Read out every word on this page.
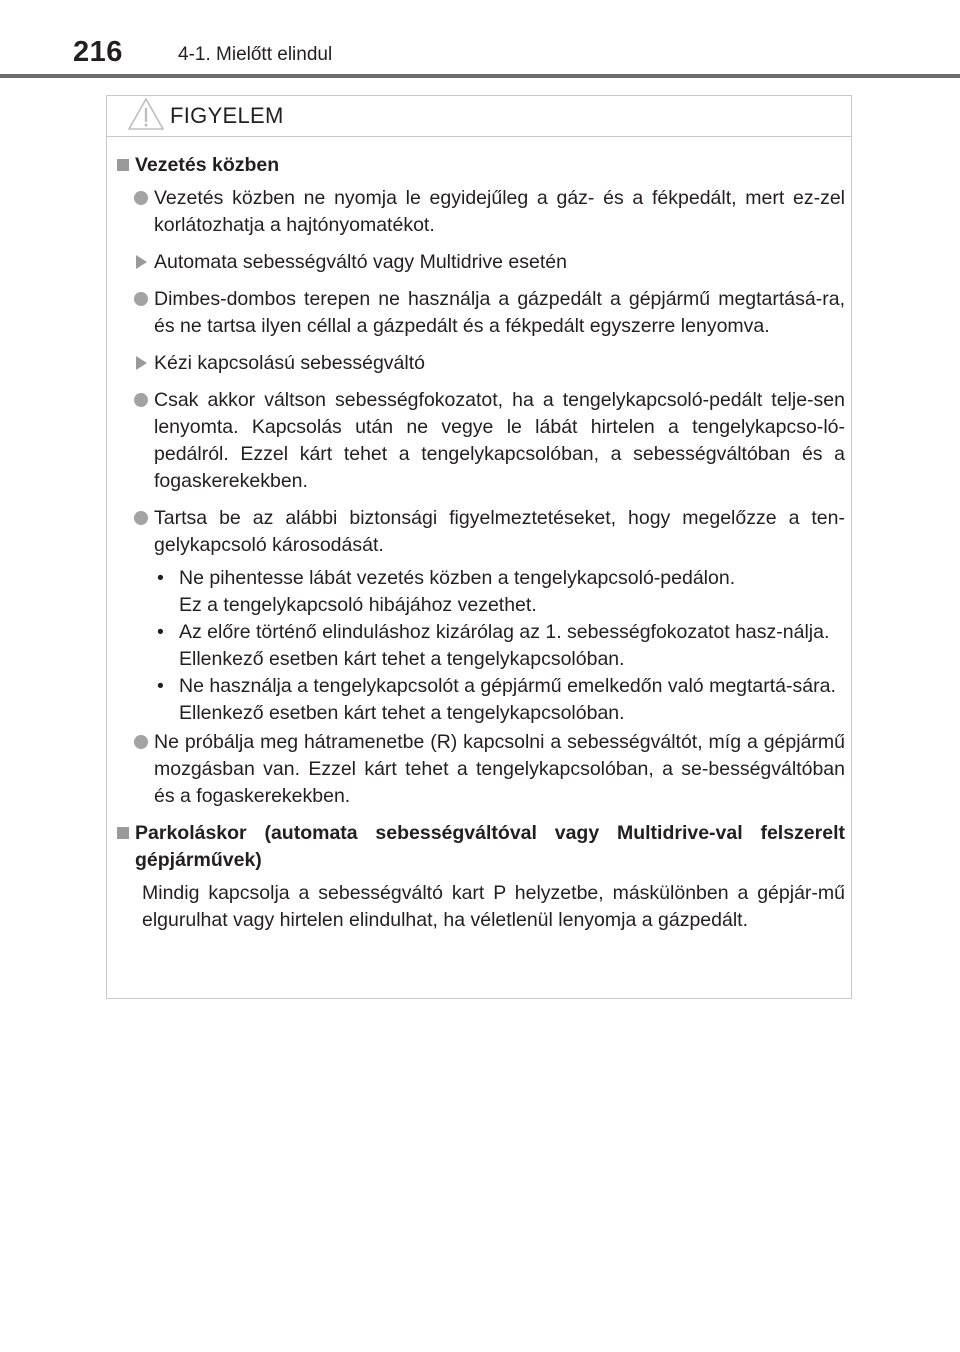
216	4-1. Mielőtt elindul
FIGYELEM
Vezetés közben
Vezetés közben ne nyomja le egyidejűleg a gáz- és a fékpedált, mert ez-zel korlátozhatja a hajtónyomatékot.
Automata sebességváltó vagy Multidrive esetén
Dimbes-dombos terepen ne használja a gázpedált a gépjármű megtartásá-ra, és ne tartsa ilyen céllal a gázpedált és a fékpedált egyszerre lenyomva.
Kézi kapcsolású sebességváltó
Csak akkor váltson sebességfokozatot, ha a tengelykapcsoló-pedált telje-sen lenyomta. Kapcsolás után ne vegye le lábát hirtelen a tengelykapcso-ló-pedálról. Ezzel kárt tehet a tengelykapcsolóban, a sebességváltóban és a fogaskerekekben.
Tartsa be az alábbi biztonsági figyelmeztetéseket, hogy megelőzze a ten-gelykapcsoló károsodását.
• Ne pihentesse lábát vezetés közben a tengelykapcsoló-pedálon.
Ez a tengelykapcsoló hibájához vezethet.
• Az előre történő elinduláshoz kizárólag az 1. sebességfokozatot hasz-nálja.
Ellenkező esetben kárt tehet a tengelykapcsolóban.
• Ne használja a tengelykapcsolót a gépjármű emelkedőn való megtartá-sára.
Ellenkező esetben kárt tehet a tengelykapcsolóban.
Ne próbálja meg hátramenetbe (R) kapcsolni a sebességváltót, míg a gépjármű mozgásban van. Ezzel kárt tehet a tengelykapcsolóban, a se-bességváltóban és a fogaskerekekben.
Parkoláskor (automata sebességváltóval vagy Multidrive-val felszerelt gépjárművek)
Mindig kapcsolja a sebességváltó kart P helyzetbe, máskülönben a gépjár-mű elgurulhat vagy hirtelen elindulhat, ha véletlenül lenyomja a gázpedált.
